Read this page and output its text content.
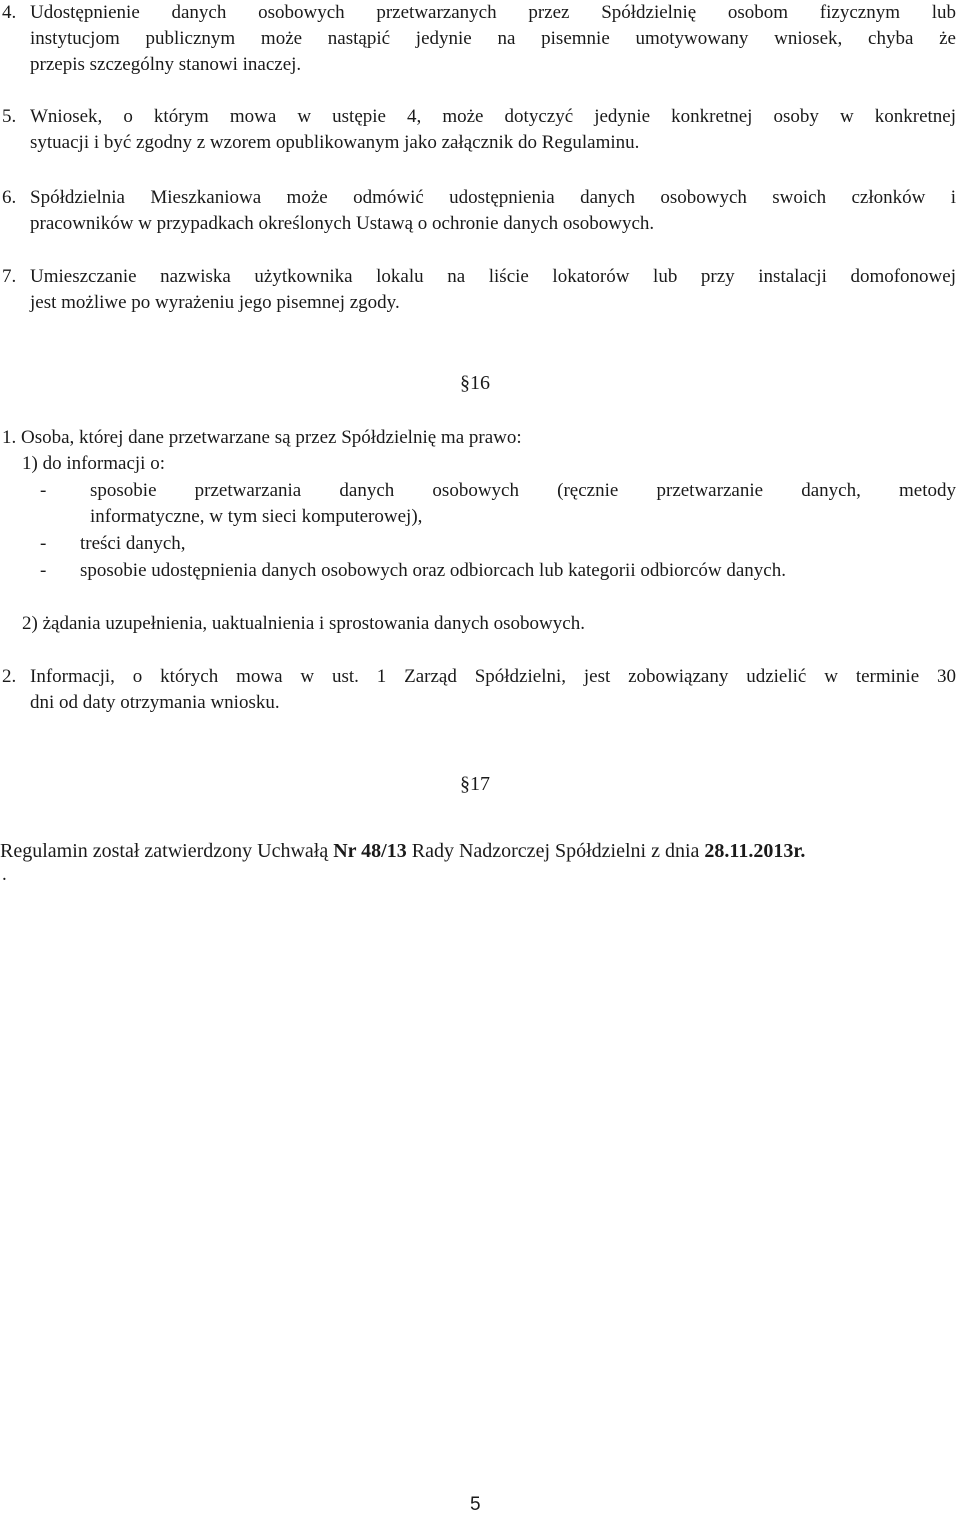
4. Udostępnienie danych osobowych przetwarzanych przez Spółdzielnię osobom fizycznym lub
instytucjom publicznym może nastąpić jedynie na pisemnie umotywowany wniosek, chyba że
przepis szczególny stanowi inaczej.
5. Wniosek, o którym mowa w ustępie 4, może dotyczyć jedynie konkretnej osoby w konkretnej
sytuacji i być zgodny z wzorem opublikowanym jako załącznik do Regulaminu.
6. Spółdzielnia Mieszkaniowa może odmówić udostępnienia danych osobowych swoich członków i
pracowników w przypadkach określonych Ustawą o ochronie danych osobowych.
7. Umieszczanie nazwiska użytkownika lokalu na liście lokatorów lub przy instalacji domofonowej
jest możliwe po wyrażeniu jego pisemnej zgody.
§16
1. Osoba, której dane przetwarzane są przez Spółdzielnię ma prawo:
1) do informacji o:
- sposobie przetwarzania danych osobowych (ręcznie przetwarzanie danych, metody
informatyczne, w tym sieci komputerowej),
- treści danych,
- sposobie udostępnienia danych osobowych oraz odbiorcach lub kategorii odbiorców danych.
2) żądania uzupełnienia, uaktualnienia i sprostowania danych osobowych.
2. Informacji, o których mowa w ust. 1 Zarząd Spółdzielni, jest zobowiązany udzielić w terminie 30
dni od daty otrzymania wniosku.
§17
Regulamin został zatwierdzony Uchwałą Nr 48/13 Rady Nadzorczej Spółdzielni z dnia 28.11.2013r.
.
5
